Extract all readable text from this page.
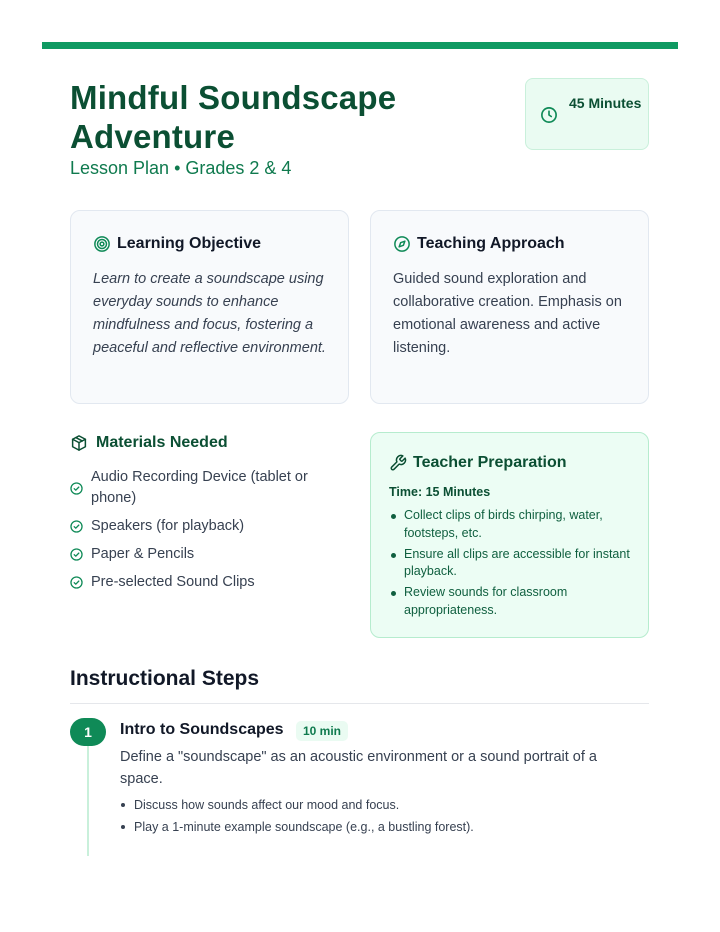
Mindful Soundscape Adventure
Lesson Plan • Grades 2 & 4
45 Minutes
Learning Objective

Learn to create a soundscape using everyday sounds to enhance mindfulness and focus, fostering a peaceful and reflective environment.

Teaching Approach

Guided sound exploration and collaborative creation. Emphasis on emotional awareness and active listening.

Materials Needed
Audio Recording Device (tablet or phone)
Speakers (for playback)
Paper & Pencils
Pre-selected Sound Clips
Teacher Preparation
Time: 15 Minutes
Collect clips of birds chirping, water, footsteps, etc.
Ensure all clips are accessible for instant playback.
Review sounds for classroom appropriateness.
Instructional Steps
1	Intro to Soundscapes	10 min

Define a "soundscape" as an acoustic environment or a sound portrait of a space.

Discuss how sounds affect our mood and focus.
Play a 1-minute example soundscape (e.g., a bustling forest).
